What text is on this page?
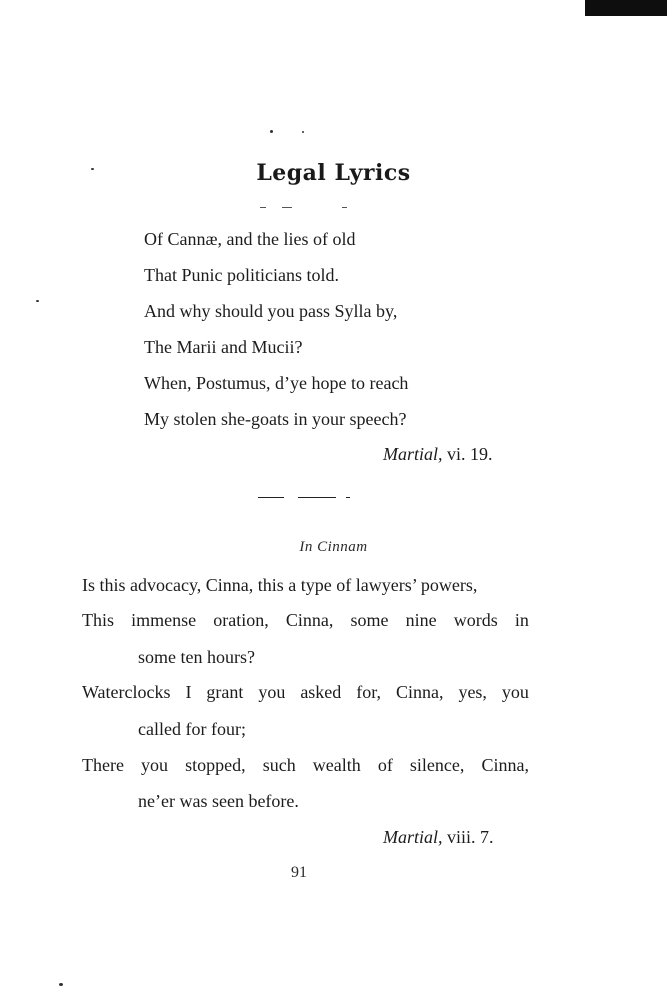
Legal Lyrics
Of Cannæ, and the lies of old
That Punic politicians told.
And why should you pass Sylla by,
The Marii and Mucii?
When, Postumus, d’ye hope to reach
My stolen she-goats in your speech?
Martial, vi. 19.
In Cinnam
Is this advocacy, Cinna, this a type of lawyers’ powers,
This immense oration, Cinna, some nine words in
some ten hours?
Waterclocks I grant you asked for, Cinna, yes, you
called for four;
There you stopped, such wealth of silence, Cinna,
ne’er was seen before.
Martial, viii. 7.
91
